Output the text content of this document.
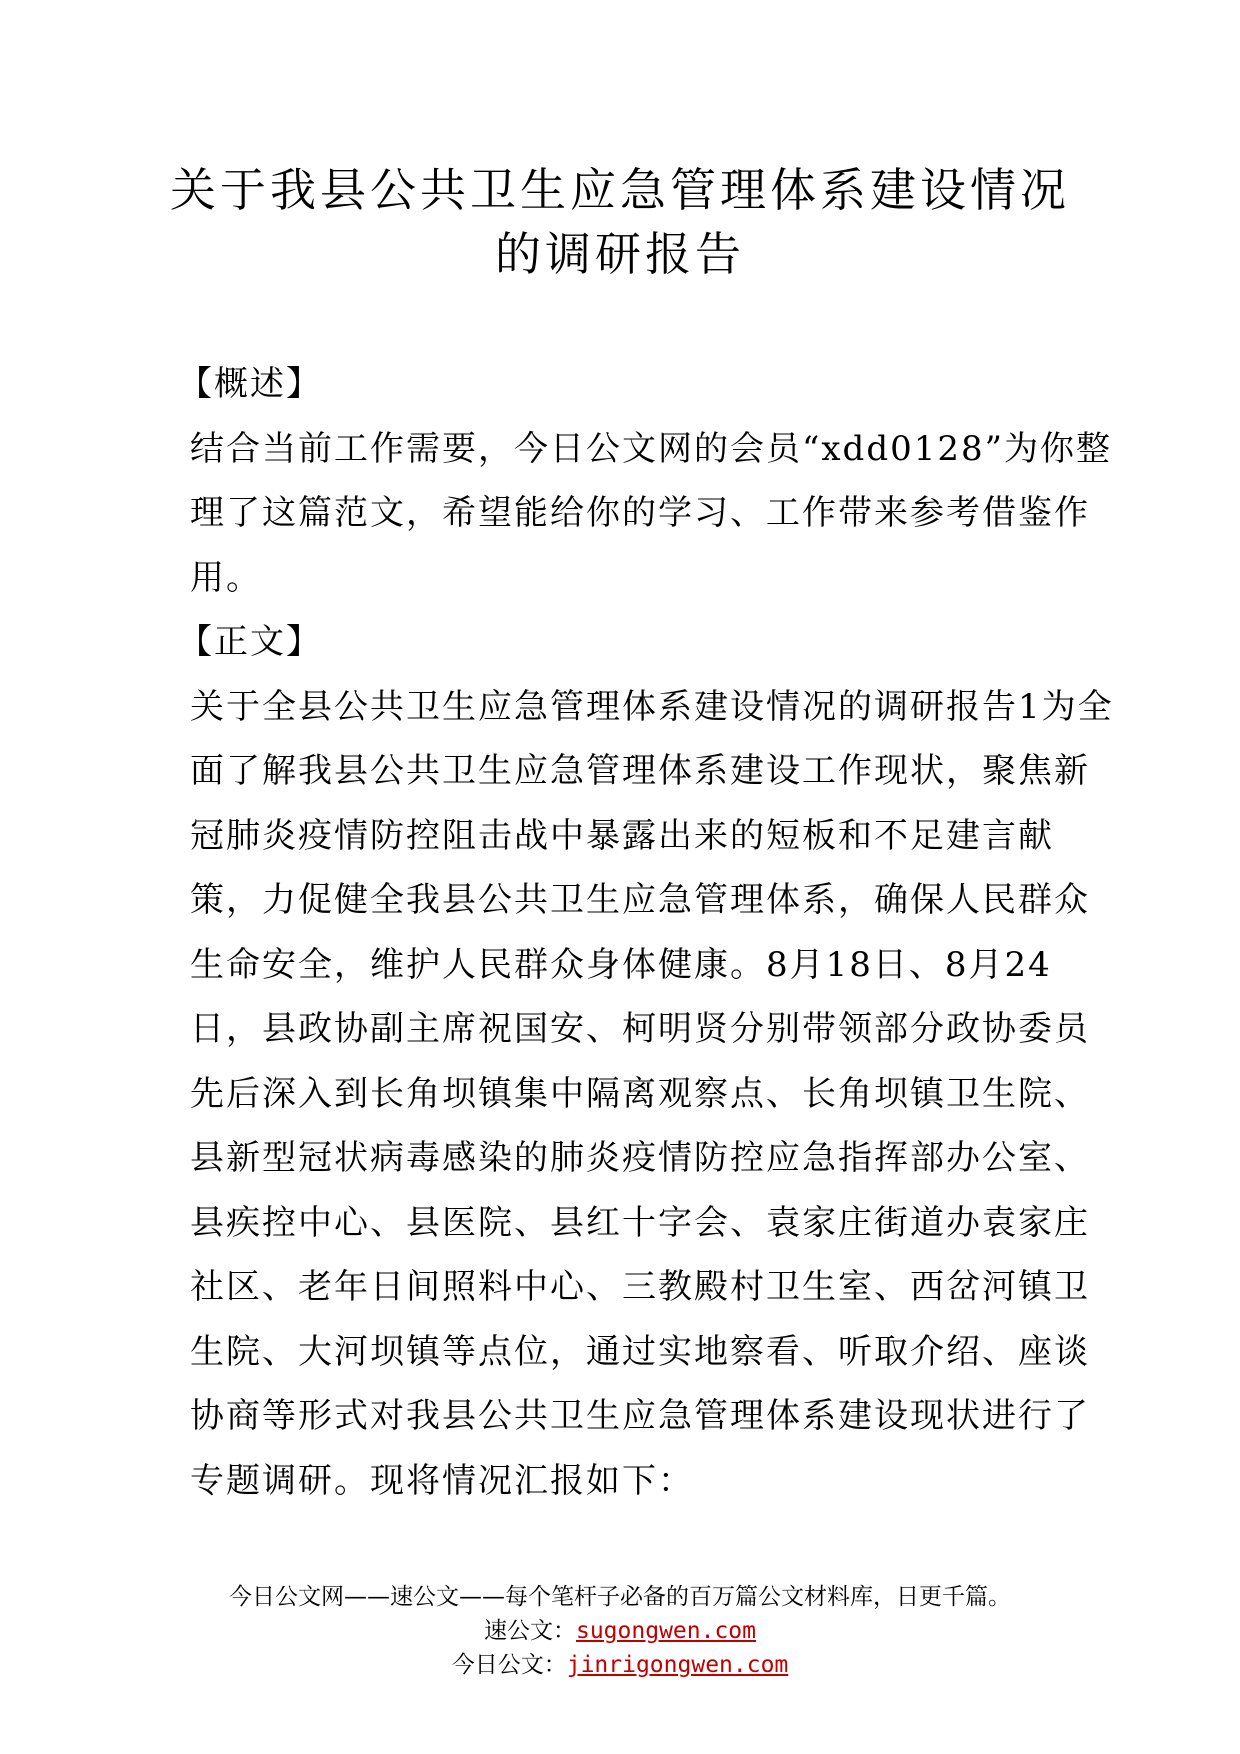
关于我县公共卫生应急管理体系建设情况
的调研报告
【概述】
结合当前工作需要，今日公文网的会员“xdd0128”为你整
理了这篇范文，希望能给你的学习、工作带来参考借鉴作
用。
【正文】
关于全县公共卫生应急管理体系建设情况的调研报告1为全
面了解我县公共卫生应急管理体系建设工作现状，聚焦新
冠肺炎疫情防控阻击战中暴露出来的短板和不足建言献
策，力促健全我县公共卫生应急管理体系，确保人民群众
生命安全，维护人民群众身体健康。8月18日、8月24
日，县政协副主席祝国安、柯明贤分别带领部分政协委员
先后深入到长角坝镇集中隔离观察点、长角坝镇卫生院、
县新型冠状病毒感染的肺炎疫情防控应急指挥部办公室、
县疾控中心、县医院、县红十字会、袁家庄街道办袁家庄
社区、老年日间照料中心、三教殿村卫生室、西岔河镇卫
生院、大河坝镇等点位，通过实地察看、听取介绍、座谈
协商等形式对我县公共卫生应急管理体系建设现状进行了
专题调研。现将情况汇报如下：
今日公文网——速公文——每个笔杆子必备的百万篇公文材料库，日更千篇。
速公文：sugongwen.com
今日公文：jinrigongwen.com
